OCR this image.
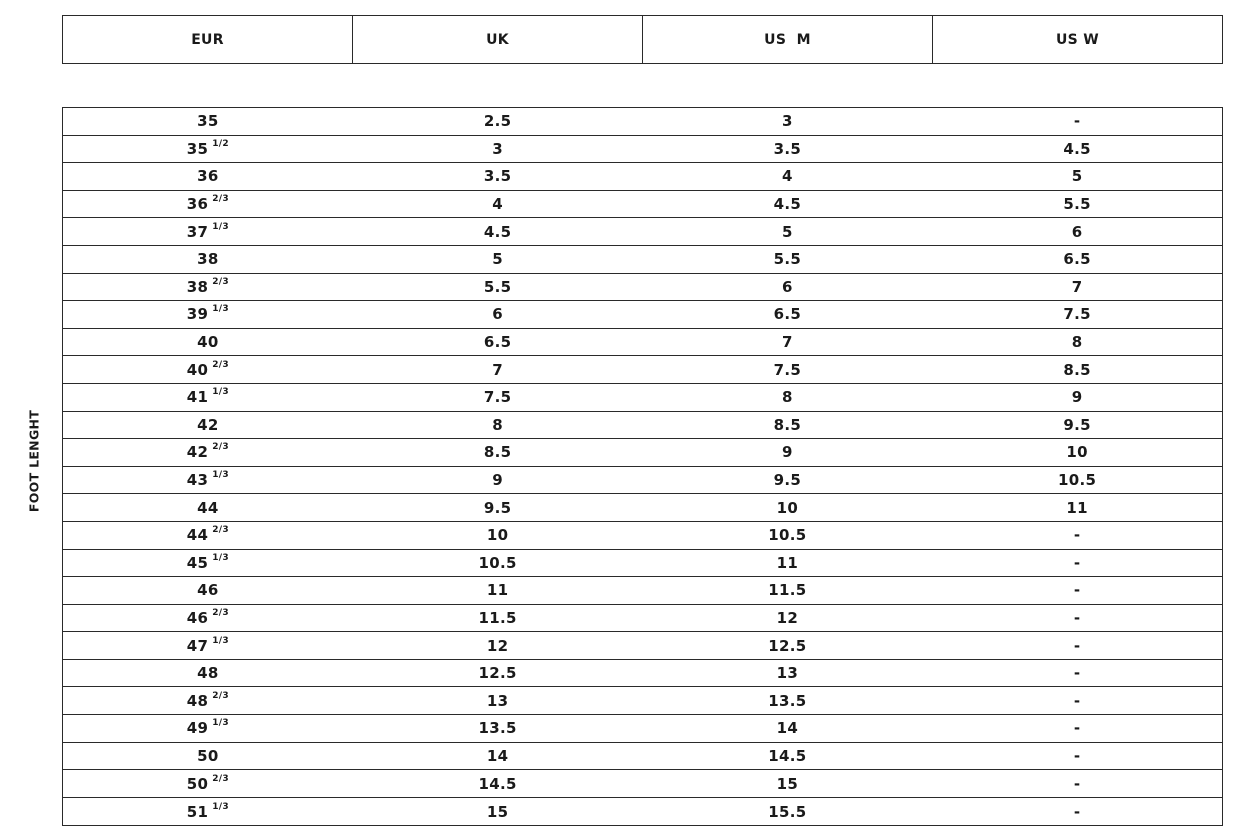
FOOT LENGHT
EUR	UK	US  M	US W
35	2.5	3	-
35 1/2	3	3.5	4.5
36	3.5	4	5
36 2/3	4	4.5	5.5
37 1/3	4.5	5	6
38	5	5.5	6.5
38 2/3	5.5	6	7
39 1/3	6	6.5	7.5
40	6.5	7	8
40 2/3	7	7.5	8.5
41 1/3	7.5	8	9
42	8	8.5	9.5
42 2/3	8.5	9	10
43 1/3	9	9.5	10.5
44	9.5	10	11
44 2/3	10	10.5	-
45 1/3	10.5	11	-
46	11	11.5	-
46 2/3	11.5	12	-
47 1/3	12	12.5	-
48	12.5	13	-
48 2/3	13	13.5	-
49 1/3	13.5	14	-
50	14	14.5	-
50 2/3	14.5	15	-
51 1/3	15	15.5	-
